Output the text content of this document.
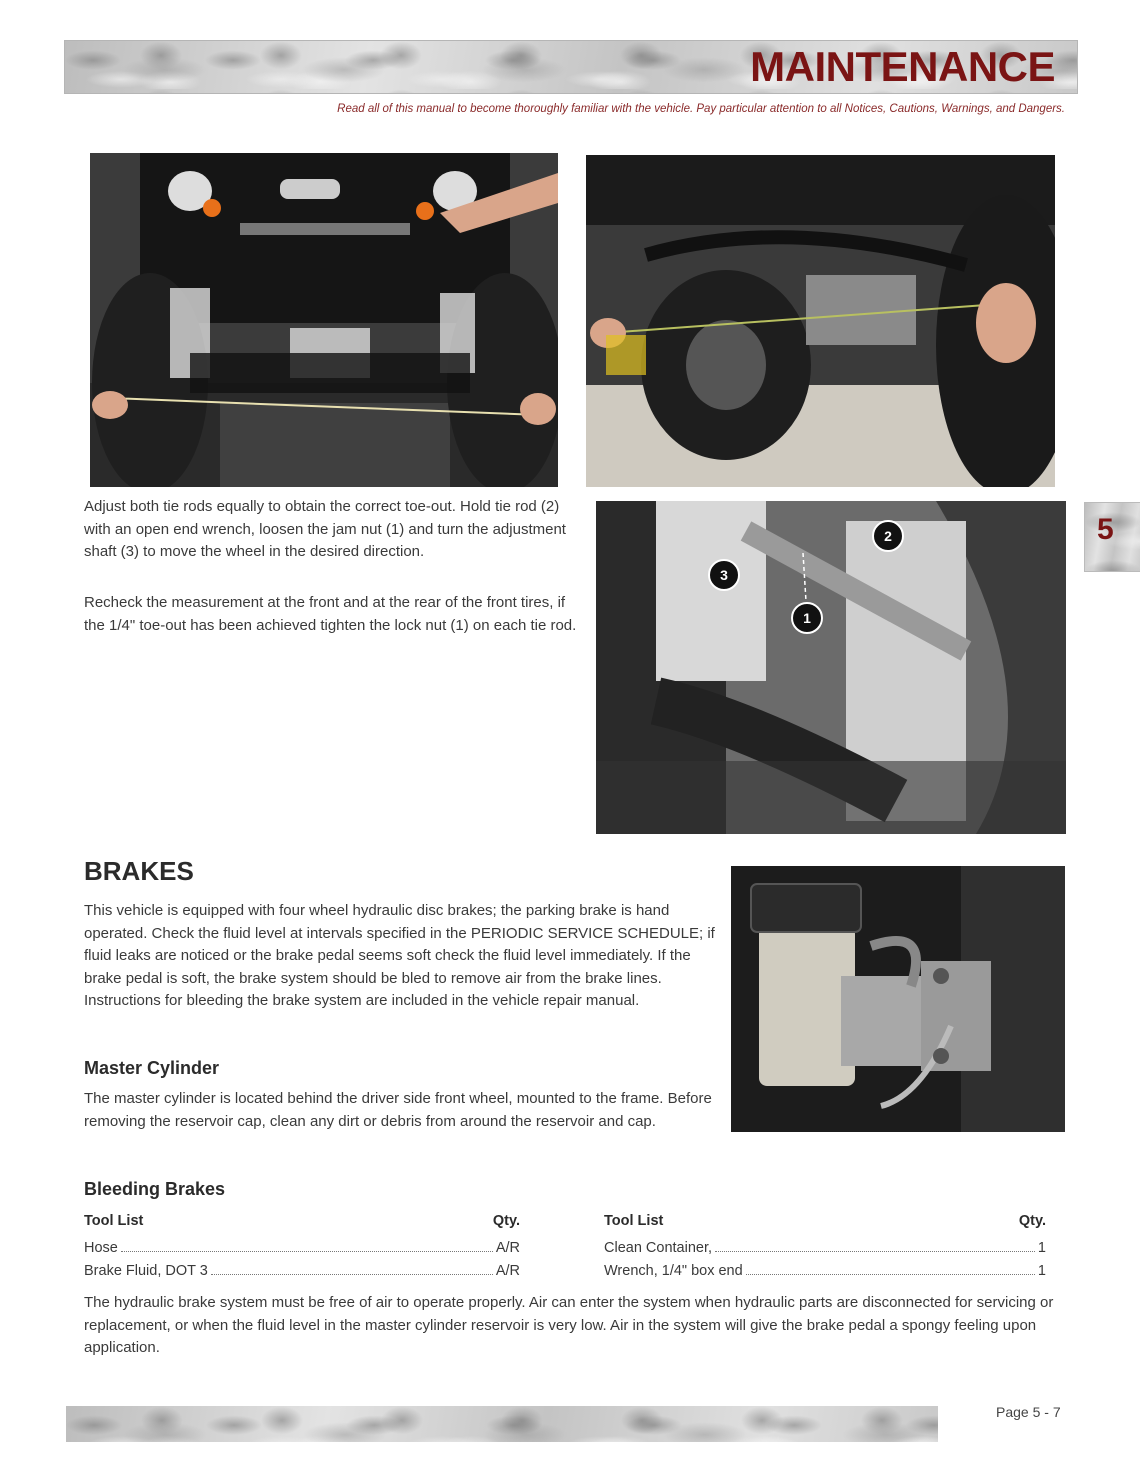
MAINTENANCE
Read all of this manual to become thoroughly familiar with the vehicle. Pay particular attention to all Notices, Cautions, Warnings, and Dangers.
5

Adjust both tie rods equally to obtain the correct toe-out. Hold tie rod (2) with an open end wrench, loosen the jam nut (1) and turn the adjustment shaft (3) to move the wheel in the desired direction.

Recheck the measurement at the front and at the rear of the front tires, if the 1/4" toe-out has been achieved tighten the lock nut (1) on each tie rod.	1
2
3
BRAKES

This vehicle is equipped with four wheel hydraulic disc brakes; the parking brake is hand operated. Check the fluid level at intervals specified in the PERIODIC SERVICE SCHEDULE; if fluid leaks are noticed or the brake pedal seems soft check the fluid level immediately. If the brake pedal is soft, the brake system should be bled to remove air from the brake lines. Instructions for bleeding the brake system are included in the vehicle repair manual.

Master Cylinder

The master cylinder is located behind the driver side front wheel, mounted to the frame. Before removing the reservoir cap, clean any dirt or debris from around the reservoir and cap.

Bleeding Brakes
Tool List	Qty.
Hose	A/R
Brake Fluid, DOT 3	A/R
Tool List	Qty.
Clean Container,	1
Wrench, 1/4" box end	1

The hydraulic brake system must be free of air to operate properly. Air can enter the system when hydraulic parts are disconnected for servicing or replacement, or when the fluid level in the master cylinder reservoir is very low. Air in the system will give the brake pedal a spongy feeling upon application.

Page 5 - 7
